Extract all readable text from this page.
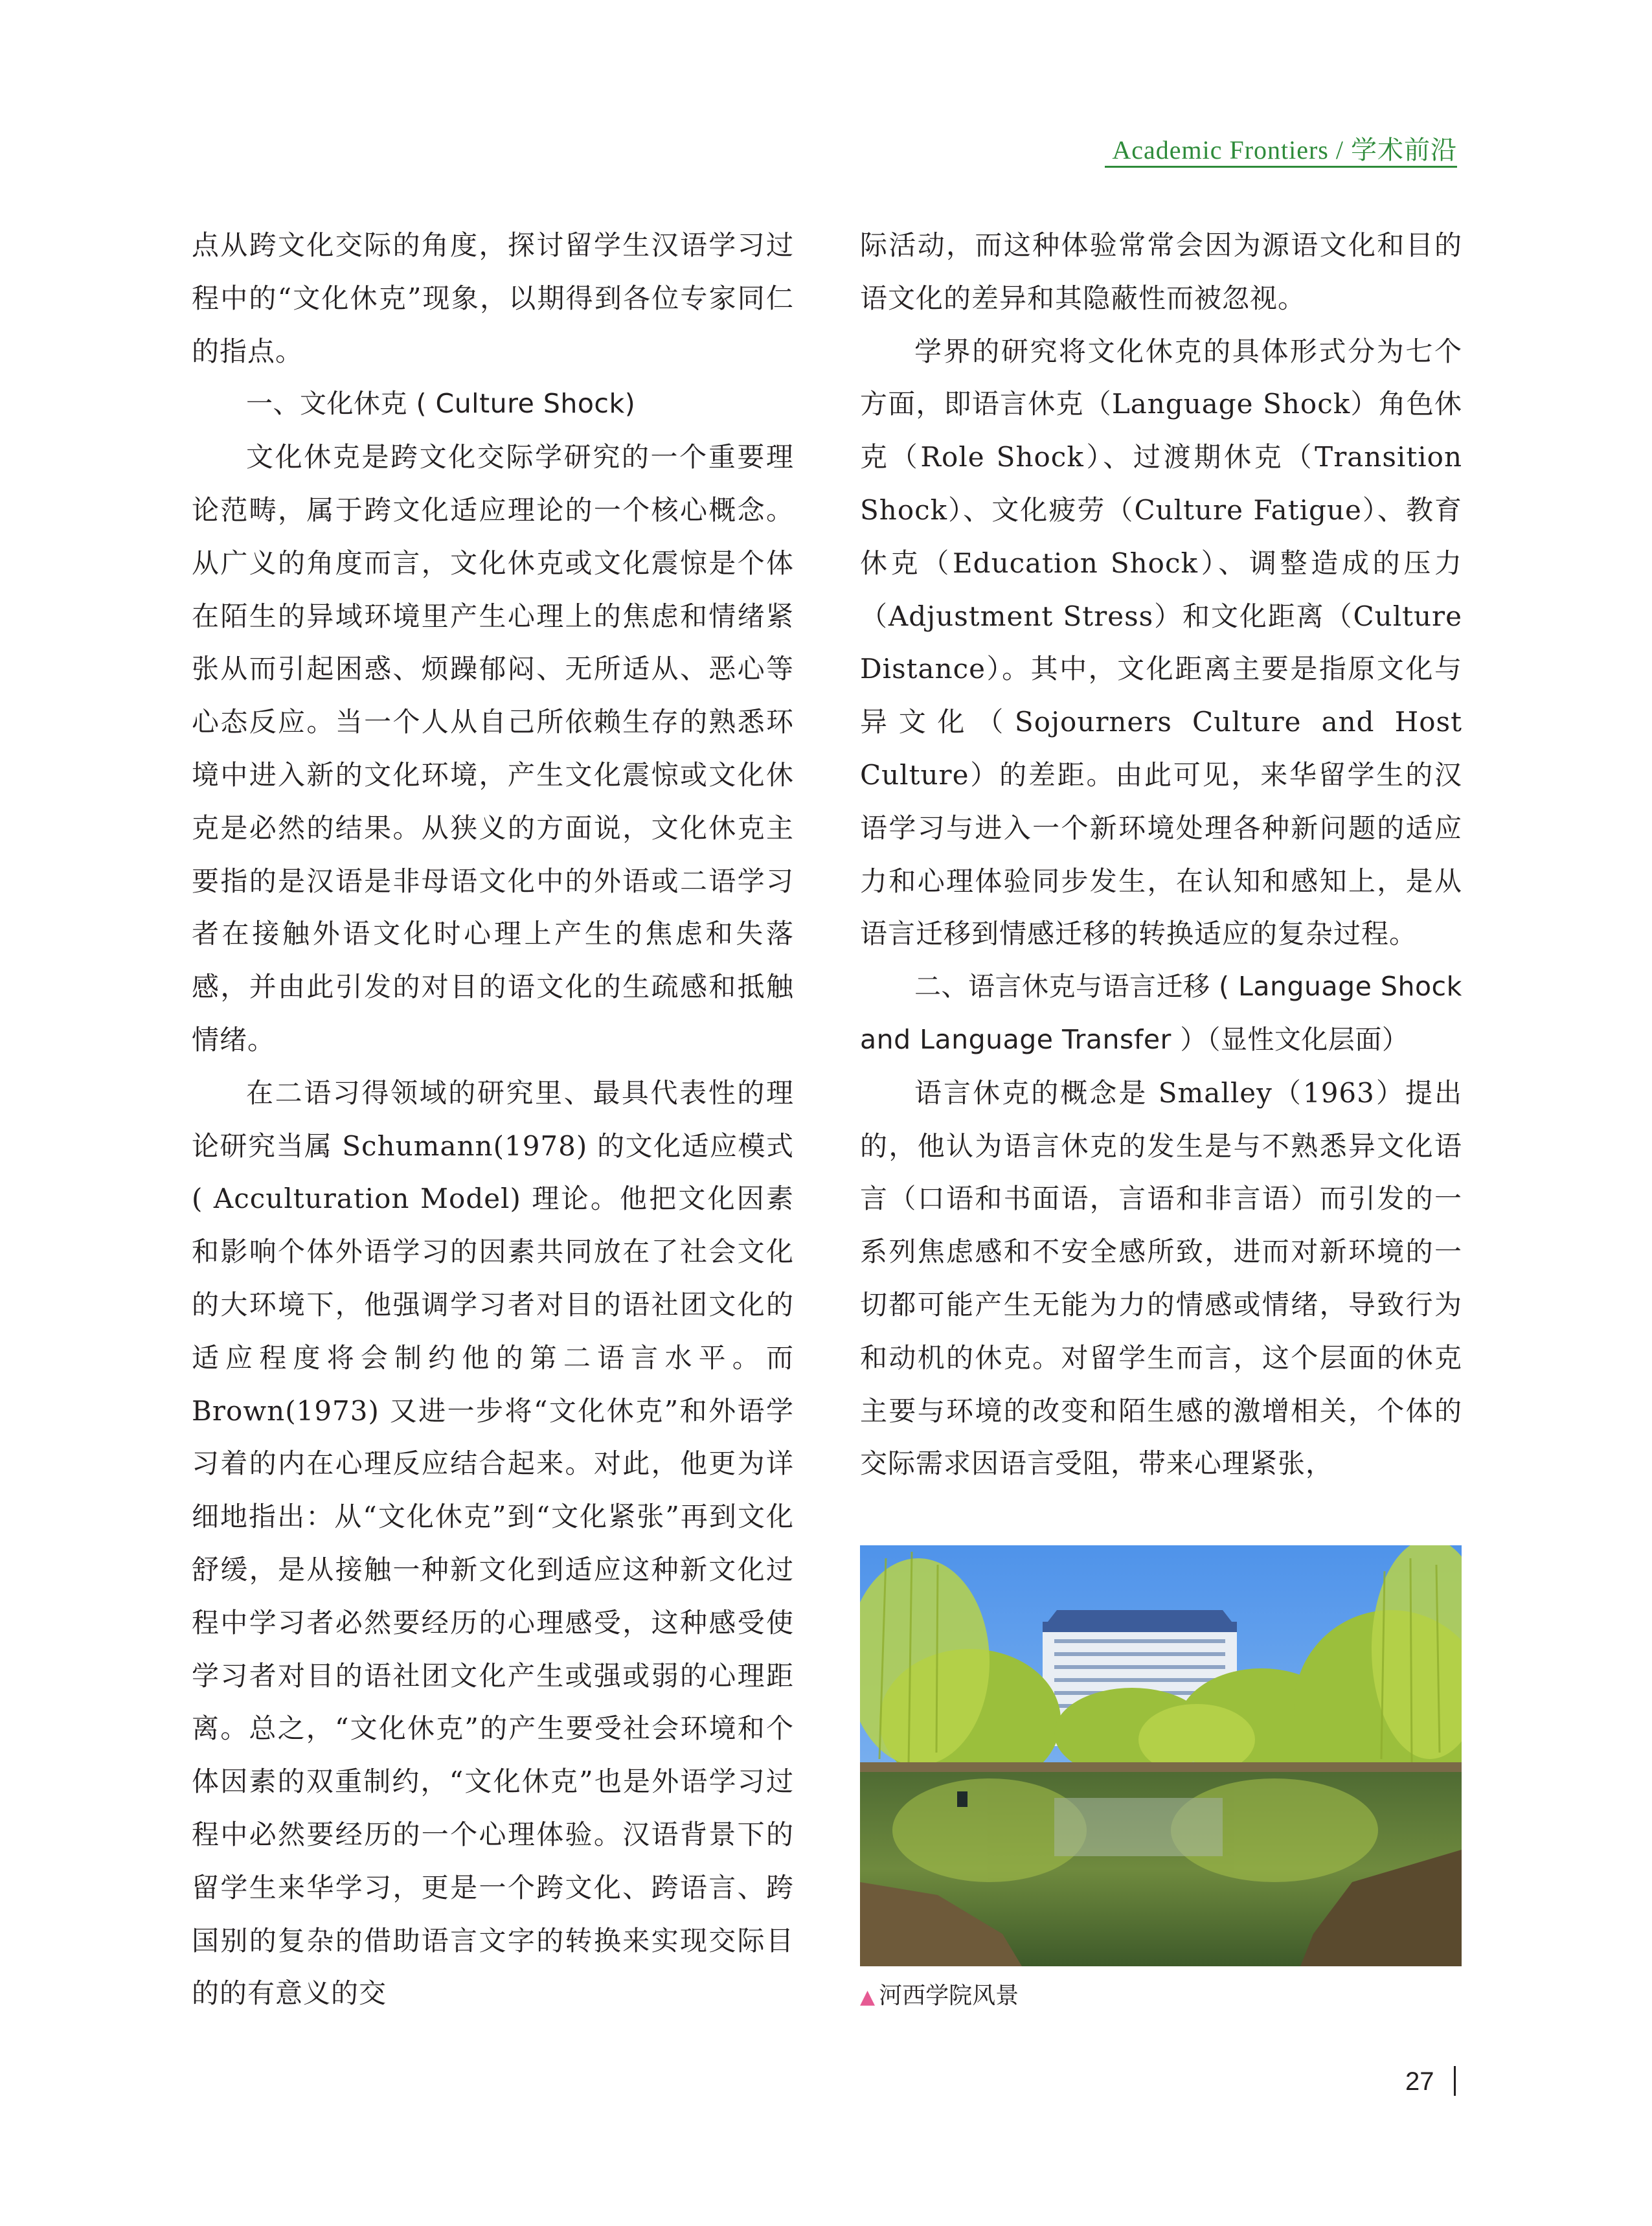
Academic Frontiers / 学术前沿

点从跨文化交际的角度，探讨留学生汉语学习过程中的“文化休克”现象，以期得到各位专家同仁的指点。

一、文化休克 ( Culture Shock)

文化休克是跨文化交际学研究的一个重要理论范畴，属于跨文化适应理论的一个核心概念。从广义的角度而言，文化休克或文化震惊是个体在陌生的异域环境里产生心理上的焦虑和情绪紧张从而引起困惑、烦躁郁闷、无所适从、恶心等心态反应。当一个人从自己所依赖生存的熟悉环境中进入新的文化环境，产生文化震惊或文化休克是必然的结果。从狭义的方面说，文化休克主要指的是汉语是非母语文化中的外语或二语学习者在接触外语文化时心理上产生的焦虑和失落感，并由此引发的对目的语文化的生疏感和抵触情绪。

在二语习得领域的研究里、最具代表性的理论研究当属 Schumann(1978) 的文化适应模式 ( Acculturation Model) 理论。他把文化因素和影响个体外语学习的因素共同放在了社会文化的大环境下，他强调学习者对目的语社团文化的适应程度将会制约他的第二语言水平。而 Brown(1973) 又进一步将“文化休克”和外语学习着的内在心理反应结合起来。对此，他更为详细地指出：从“文化休克”到“文化紧张”再到文化舒缓，是从接触一种新文化到适应这种新文化过程中学习者必然要经历的心理感受，这种感受使学习者对目的语社团文化产生或强或弱的心理距离。总之，“文化休克”的产生要受社会环境和个体因素的双重制约，“文化休克”也是外语学习过程中必然要经历的一个心理体验。汉语背景下的留学生来华学习，更是一个跨文化、跨语言、跨国别的复杂的借助语言文字的转换来实现交际目的的有意义的交

际活动，而这种体验常常会因为源语文化和目的语文化的差异和其隐蔽性而被忽视。

学界的研究将文化休克的具体形式分为七个方面，即语言休克（Language Shock）角色休克（Role Shock）、过渡期休克（Transition Shock）、文化疲劳（Culture Fatigue）、教育休克（Education Shock）、调整造成的压力（Adjustment Stress）和文化距离（Culture Distance）。其中，文化距离主要是指原文化与异文化（Sojourners Culture and Host Culture）的差距。由此可见，来华留学生的汉语学习与进入一个新环境处理各种新问题的适应力和心理体验同步发生，在认知和感知上，是从语言迁移到情感迁移的转换适应的复杂过程。

二、语言休克与语言迁移 ( Language Shock and Language Transfer ）（显性文化层面）

语言休克的概念是 Smalley（1963）提出的，他认为语言休克的发生是与不熟悉异文化语言（口语和书面语，言语和非言语）而引发的一系列焦虑感和不安全感所致，进而对新环境的一切都可能产生无能为力的情感或情绪，导致行为和动机的休克。对留学生而言，这个层面的休克主要与环境的改变和陌生感的激增相关，个体的交际需求因语言受阻，带来心理紧张，

▲ 河西学院风景
27
